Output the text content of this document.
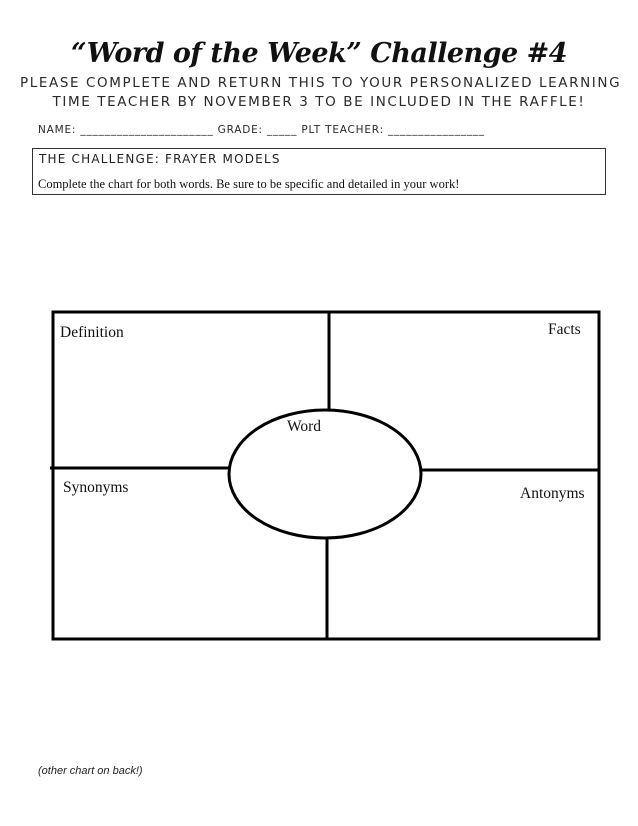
“Word of the Week” Challenge #4
PLEASE COMPLETE AND RETURN THIS TO YOUR PERSONALIZED LEARNING
TIME TEACHER BY NOVEMBER 3 TO BE INCLUDED IN THE RAFFLE!
NAME: ______________________ GRADE: _____ PLT TEACHER: ________________
THE CHALLENGE: FRAYER MODELS
Complete the chart for both words. Be sure to be specific and detailed in your work!
Definition	Facts
Word
Synonyms	Antonyms
(other chart on back!)
